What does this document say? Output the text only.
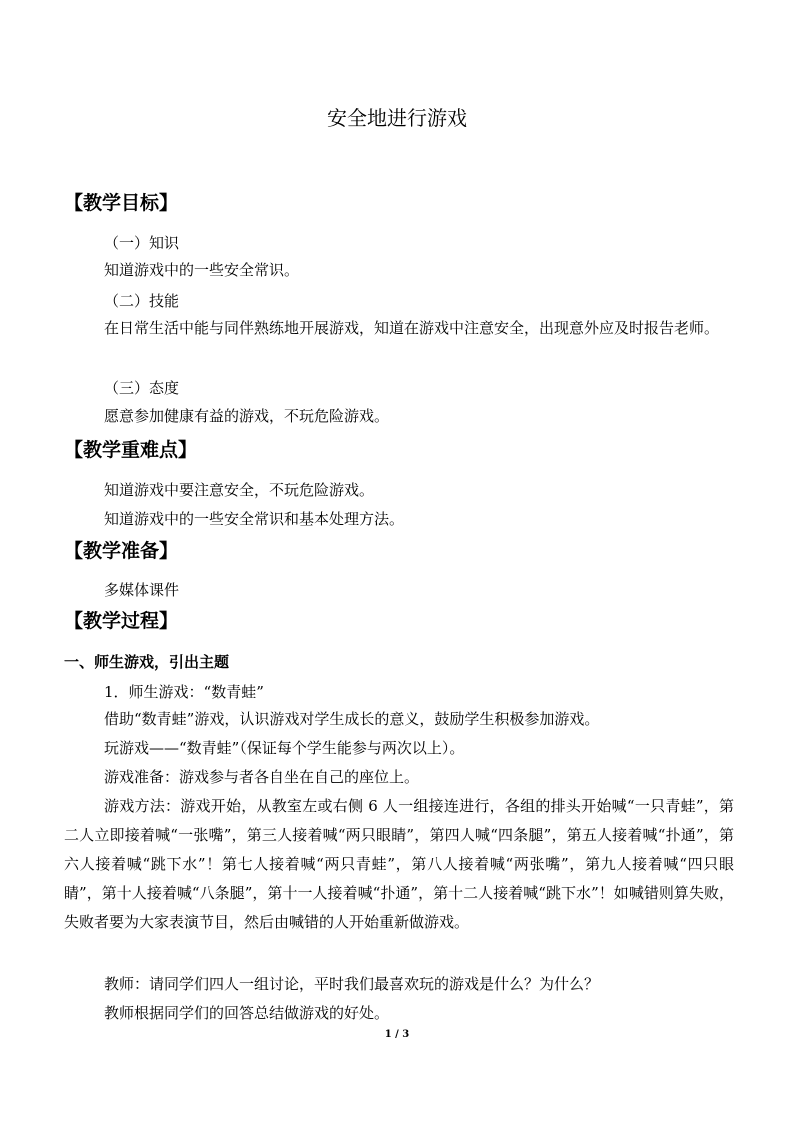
安全地进行游戏
【教学目标】
（一）知识
知道游戏中的一些安全常识。
（二）技能
在日常生活中能与同伴熟练地开展游戏，知道在游戏中注意安全，出现意外应及时报告老师。
（三）态度
愿意参加健康有益的游戏，不玩危险游戏。
【教学重难点】
知道游戏中要注意安全，不玩危险游戏。
知道游戏中的一些安全常识和基本处理方法。
【教学准备】
多媒体课件
【教学过程】
一、师生游戏，引出主题
1．师生游戏：“数青蛙”
借助“数青蛙”游戏，认识游戏对学生成长的意义，鼓励学生积极参加游戏。
玩游戏——“数青蛙”（保证每个学生能参与两次以上）。
游戏准备：游戏参与者各自坐在自己的座位上。
游戏方法：游戏开始，从教室左或右侧 6 人一组接连进行，各组的排头开始喊“一只青蛙”，第二人立即接着喊“一张嘴”，第三人接着喊“两只眼睛”，第四人喊“四条腿”，第五人接着喊“扑通”，第六人接着喊“跳下水”！第七人接着喊“两只青蛙”，第八人接着喊“两张嘴”，第九人接着喊“四只眼睛”，第十人接着喊“八条腿”，第十一人接着喊“扑通”，第十二人接着喊“跳下水”！如喊错则算失败，失败者要为大家表演节目，然后由喊错的人开始重新做游戏。
教师：请同学们四人一组讨论，平时我们最喜欢玩的游戏是什么？为什么？
教师根据同学们的回答总结做游戏的好处。
1 / 3
